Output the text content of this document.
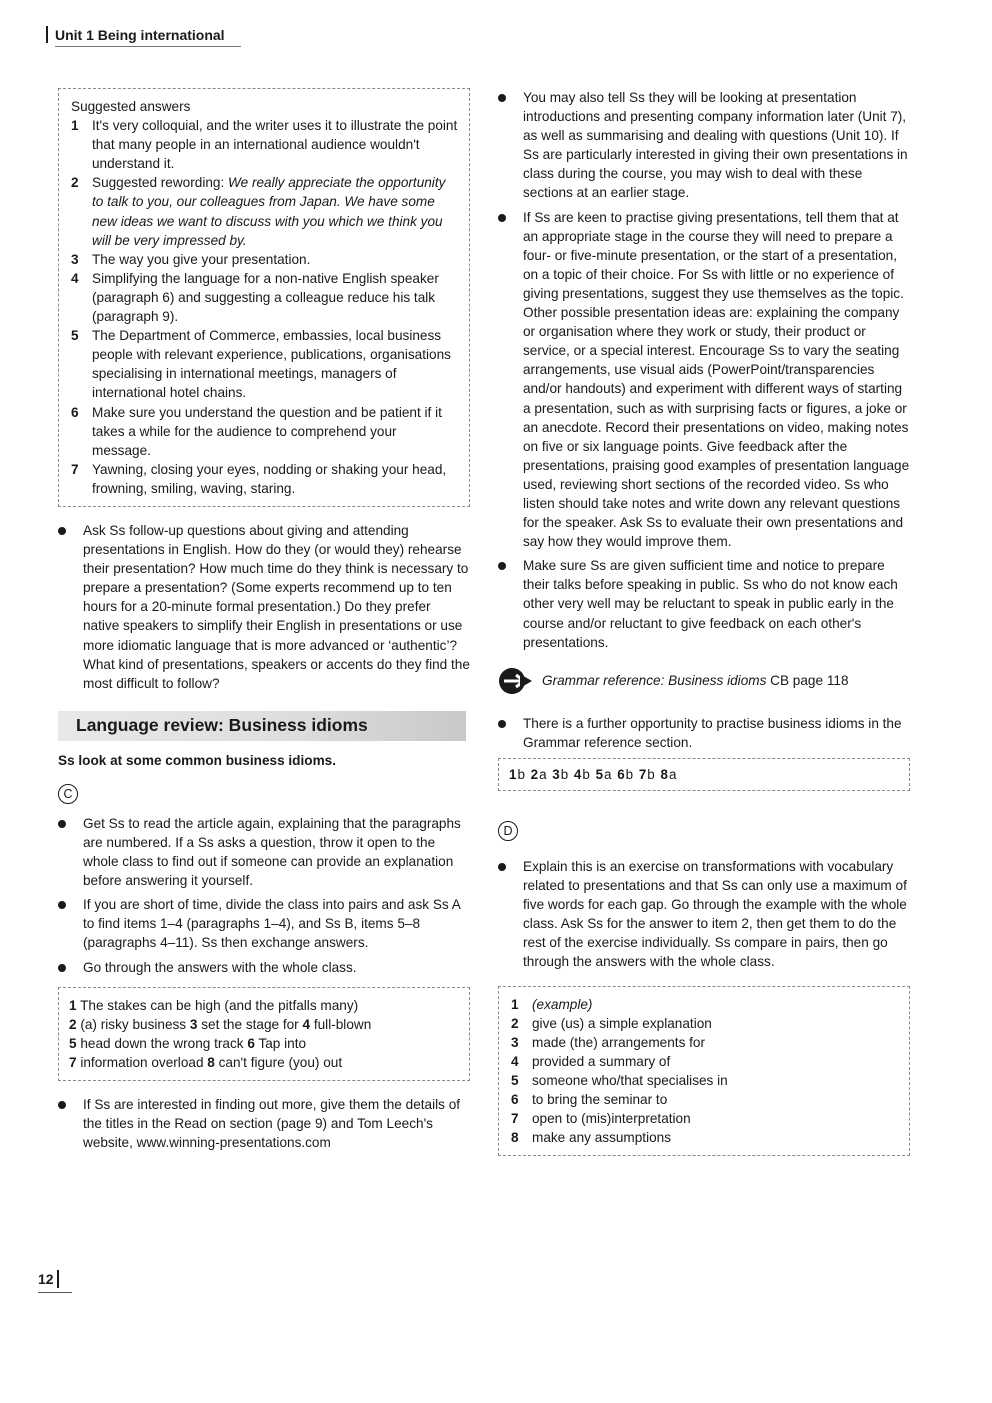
Unit 1 Being international
Suggested answers
1 It's very colloquial, and the writer uses it to illustrate the point that many people in an international audience wouldn't understand it.
2 Suggested rewording: We really appreciate the opportunity to talk to you, our colleagues from Japan. We have some new ideas we want to discuss with you which we think you will be very impressed by.
3 The way you give your presentation.
4 Simplifying the language for a non-native English speaker (paragraph 6) and suggesting a colleague reduce his talk (paragraph 9).
5 The Department of Commerce, embassies, local business people with relevant experience, publications, organisations specialising in international meetings, managers of international hotel chains.
6 Make sure you understand the question and be patient if it takes a while for the audience to comprehend your message.
7 Yawning, closing your eyes, nodding or shaking your head, frowning, smiling, waving, staring.
Ask Ss follow-up questions about giving and attending presentations in English. How do they (or would they) rehearse their presentation? How much time do they think is necessary to prepare a presentation? (Some experts recommend up to ten hours for a 20-minute formal presentation.) Do they prefer native speakers to simplify their English in presentations or use more idiomatic language that is more advanced or ‘authentic’? What kind of presentations, speakers or accents do they find the most difficult to follow?
Language review: Business idioms
Ss look at some common business idioms.
C
Get Ss to read the article again, explaining that the paragraphs are numbered. If a Ss asks a question, throw it open to the whole class to find out if someone can provide an explanation before answering it yourself.
If you are short of time, divide the class into pairs and ask Ss A to find items 1–4 (paragraphs 1–4), and Ss B, items 5–8 (paragraphs 4–11). Ss then exchange answers.
Go through the answers with the whole class.
1 The stakes can be high (and the pitfalls many)
2 (a) risky business 3 set the stage for 4 full-blown
5 head down the wrong track 6 Tap into
7 information overload 8 can't figure (you) out
If Ss are interested in finding out more, give them the details of the titles in the Read on section (page 9) and Tom Leech's website, www.winning-presentations.com
You may also tell Ss they will be looking at presentation introductions and presenting company information later (Unit 7), as well as summarising and dealing with questions (Unit 10). If Ss are particularly interested in giving their own presentations in class during the course, you may wish to deal with these sections at an earlier stage.
If Ss are keen to practise giving presentations, tell them that at an appropriate stage in the course they will need to prepare a four- or five-minute presentation, or the start of a presentation, on a topic of their choice. For Ss with little or no experience of giving presentations, suggest they use themselves as the topic. Other possible presentation ideas are: explaining the company or organisation where they work or study, their product or service, or a special interest. Encourage Ss to vary the seating arrangements, use visual aids (PowerPoint/transparencies and/or handouts) and experiment with different ways of starting a presentation, such as with surprising facts or figures, a joke or an anecdote. Record their presentations on video, making notes on five or six language points. Give feedback after the presentations, praising good examples of presentation language used, reviewing short sections of the recorded video. Ss who listen should take notes and write down any relevant questions for the speaker. Ask Ss to evaluate their own presentations and say how they would improve them.
Make sure Ss are given sufficient time and notice to prepare their talks before speaking in public. Ss who do not know each other very well may be reluctant to speak in public early in the course and/or reluctant to give feedback on each other's presentations.
Grammar reference: Business idioms CB page 118
There is a further opportunity to practise business idioms in the Grammar reference section.
1b 2a 3b 4b 5a 6b 7b 8a
D
Explain this is an exercise on transformations with vocabulary related to presentations and that Ss can only use a maximum of five words for each gap. Go through the example with the whole class. Ask Ss for the answer to item 2, then get them to do the rest of the exercise individually. Ss compare in pairs, then go through the answers with the whole class.
1 (example)
2 give (us) a simple explanation
3 made (the) arrangements for
4 provided a summary of
5 someone who/that specialises in
6 to bring the seminar to
7 open to (mis)interpretation
8 make any assumptions
12
